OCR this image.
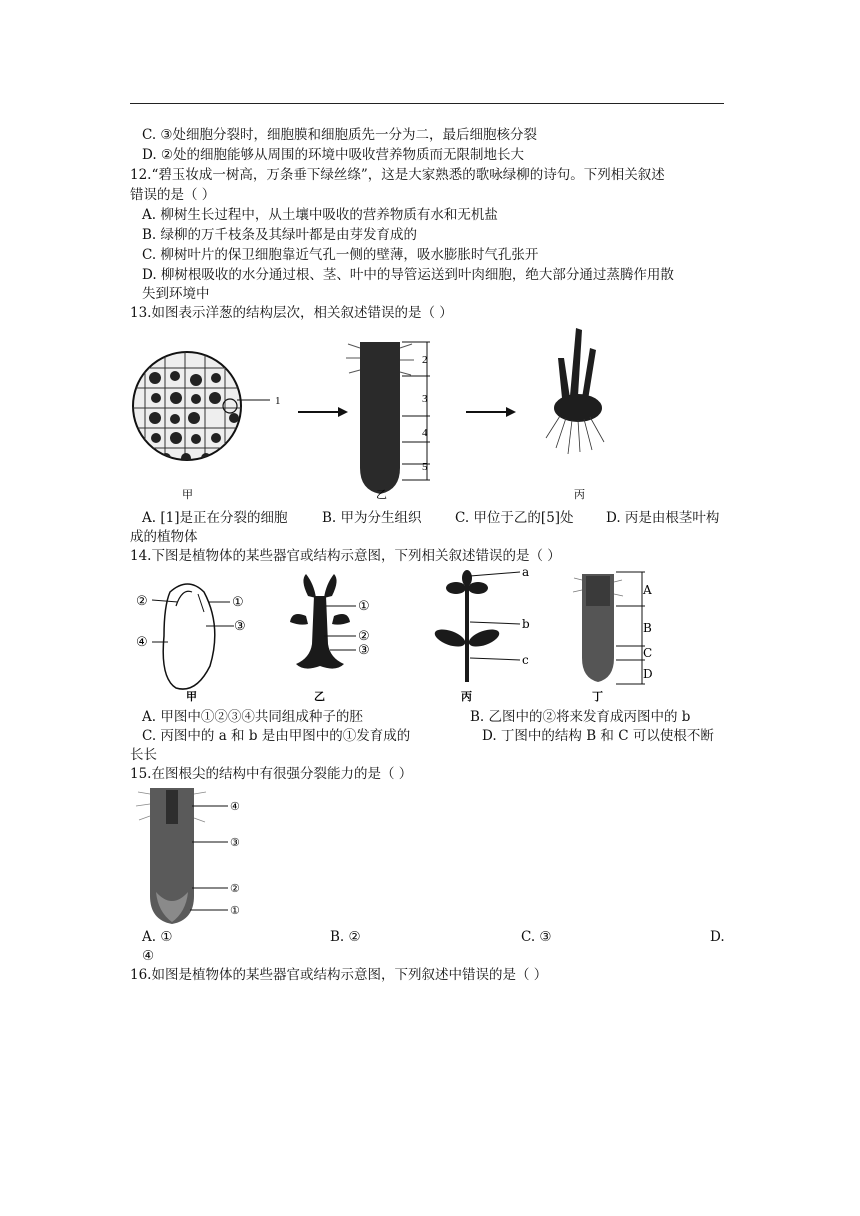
C. ③处细胞分裂时，细胞膜和细胞质先一分为二，最后细胞核分裂
D. ②处的细胞能够从周围的环境中吸收营养物质而无限制地长大
12.“碧玉妆成一树高，万条垂下绿丝绦”，这是大家熟悉的歌咏绿柳的诗句。下列相关叙述
错误的是（ ）
A. 柳树生长过程中，从土壤中吸收的营养物质有水和无机盐
B. 绿柳的万千枝条及其绿叶都是由芽发育成的
C. 柳树叶片的保卫细胞靠近气孔一侧的壁薄，吸水膨胀时气孔张开
D. 柳树根吸收的水分通过根、茎、叶中的导管运送到叶肉细胞，绝大部分通过蒸腾作用散
失到环境中
13.如图表示洋葱的结构层次，相关叙述错误的是（ ）
1
甲
2
3
4
5
乙	丙
A. [1]是正在分裂的细胞	B. 甲为分生组织 C. 甲位于乙的[5]处 D. 丙是由根茎叶构
成的植物体
14.下图是植物体的某些器官或结构示意图，下列相关叙述错误的是（ ）
②	①
③
④
甲
①
②
③
乙
a
b
c
丙
A
B
C
D
丁
A. 甲图中①②③④共同组成种子的胚	B. 乙图中的②将来发育成丙图中的 b
C. 丙图中的 a 和 b 是由甲图中的①发育成的	D. 丁图中的结构 B 和 C 可以使根不断
长长
15.在图根尖的结构中有很强分裂能力的是（ ）
④
③
②
①
A. ①	B. ②	C. ③	D.
④
16.如图是植物体的某些器官或结构示意图，下列叙述中错误的是（ ）
